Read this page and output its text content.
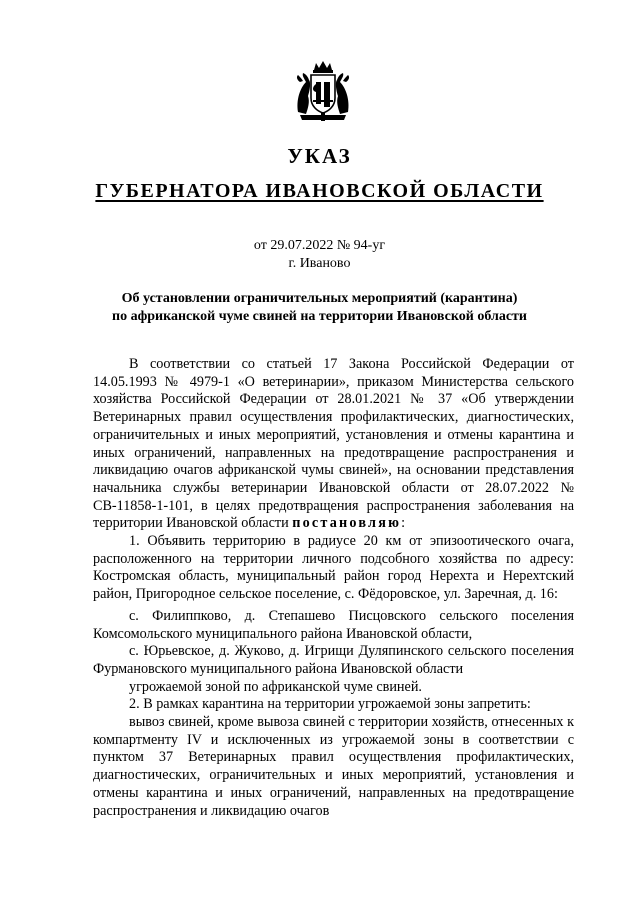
УКАЗ
ГУБЕРНАТОРА ИВАНОВСКОЙ ОБЛАСТИ
от 29.07.2022 № 94-уг
г. Иваново
Об установлении ограничительных мероприятий (карантина)
по африканской чуме свиней на территории Ивановской области

В соответствии со статьей 17 Закона Российской Федерации от 14.05.1993 № 4979-1 «О ветеринарии», приказом Министерства сельского хозяйства Российской Федерации от 28.01.2021 № 37 «Об утверждении Ветеринарных правил осуществления профилактических, диагностических, ограничительных и иных мероприятий, установления и отмены карантина и иных ограничений, направленных на предотвращение распространения и ликвидацию очагов африканской чумы свиней», на основании представления начальника службы ветеринарии Ивановской области от 28.07.2022 № СВ-11858-1-101, в целях предотвращения распространения заболевания на территории Ивановской области постановляю:

1. Объявить территорию в радиусе 20 км от эпизоотического очага, расположенного на территории личного подсобного хозяйства по адресу: Костромская область, муниципальный район город Нерехта и Нерехтский район, Пригородное сельское поселение, с. Фёдоровское, ул. Заречная, д. 16:

с. Филиппково, д. Степашево Писцовского сельского поселения Комсомольского муниципального района Ивановской области,

с. Юрьевское, д. Жуково, д. Игрищи Дуляпинского сельского поселения Фурмановского муниципального района Ивановской области

угрожаемой зоной по африканской чуме свиней.

2. В рамках карантина на территории угрожаемой зоны запретить:

вывоз свиней, кроме вывоза свиней с территории хозяйств, отнесенных к компартменту IV и исключенных из угрожаемой зоны в соответствии с пунктом 37 Ветеринарных правил осуществления профилактических, диагностических, ограничительных и иных мероприятий, установления и отмены карантина и иных ограничений, направленных на предотвращение распространения и ликвидацию очагов
